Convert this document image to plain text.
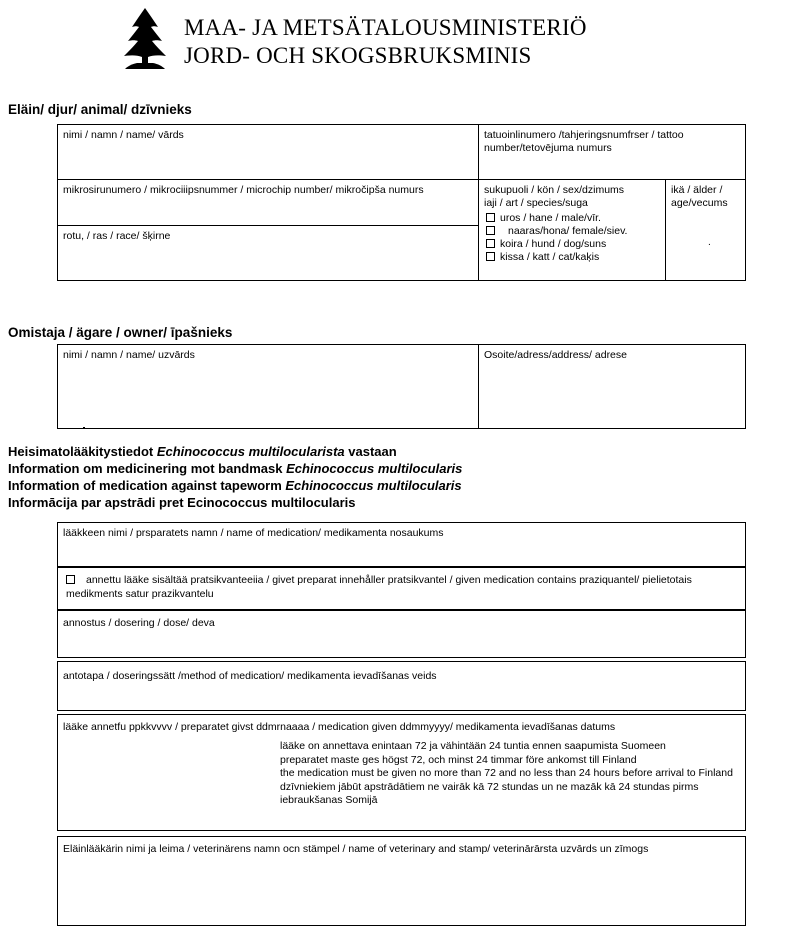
MAA- JA METSÄTALOUSMINISTERIÖ
JORD- OCH SKOGSBRUKSMINIS
Eläin/ djur/ animal/ dzīvnieks
nimi / namn / name/ vārds	tatuoinlinumero /tahjeringsnumfrser / tattoo number/tetovējuma numurs
mikrosirunumero / mikrociiipsnummer / microchip number/ mikročipša numurs
rotu, / ras / race/ šķirne
sukupuoli / kön / sex/dzimums
iaji / art / species/suga
uros / hane / male/vīr.
naaras/hona/ female/siev.
koira / hund / dog/suns
kissa / katt / cat/kaķis
ikä / älder / age/vecums
.
Omistaja / ägare / owner/ īpašnieks
nimi / namn / name/ uzvārds	Osoite/adress/address/ adrese
Heisimatolääkitystiedot Echinococcus multilocularista vastaan
Information om medicinering mot bandmask Echinococcus multilocularis
Information of medication against tapeworm Echinococcus multilocularis
Informācija par apstrādi pret Ecinococcus multilocularis
lääkkeen nimi / prsparatets namn / name of medication/ medikamenta nosaukums
annettu lääke sisältää pratsikvanteeiia / givet preparat innehåller pratsikvantel / given medication contains praziquantel/ pielietotais medikments satur prazikvantelu
annostus / dosering / dose/ deva
antotapa / doseringssätt /method of medication/ medikamenta ievadīšanas veids
lääke annetfu ppkkvvvv / preparatet givst ddmrnaaaa / medication given ddmmyyyy/ medikamenta ievadīšanas datums
lääke on annettava enintaan 72 ja vähintään 24 tuntia ennen saapumista Suomeen
preparatet maste ges högst 72, och minst 24 timmar före ankomst till Finland
the medication must be given no more than 72 and no less than 24 hours before arrival to Finland
dzīvniekiem jābūt apstrādātiem ne vairāk kā 72 stundas un ne mazāk kā 24 stundas pirms
iebraukšanas Somijā
Eläinlääkärin nimi ja leima / veterinärens namn ocn stämpel / name of veterinary and stamp/ veterinārārsta uzvārds un zīmogs
